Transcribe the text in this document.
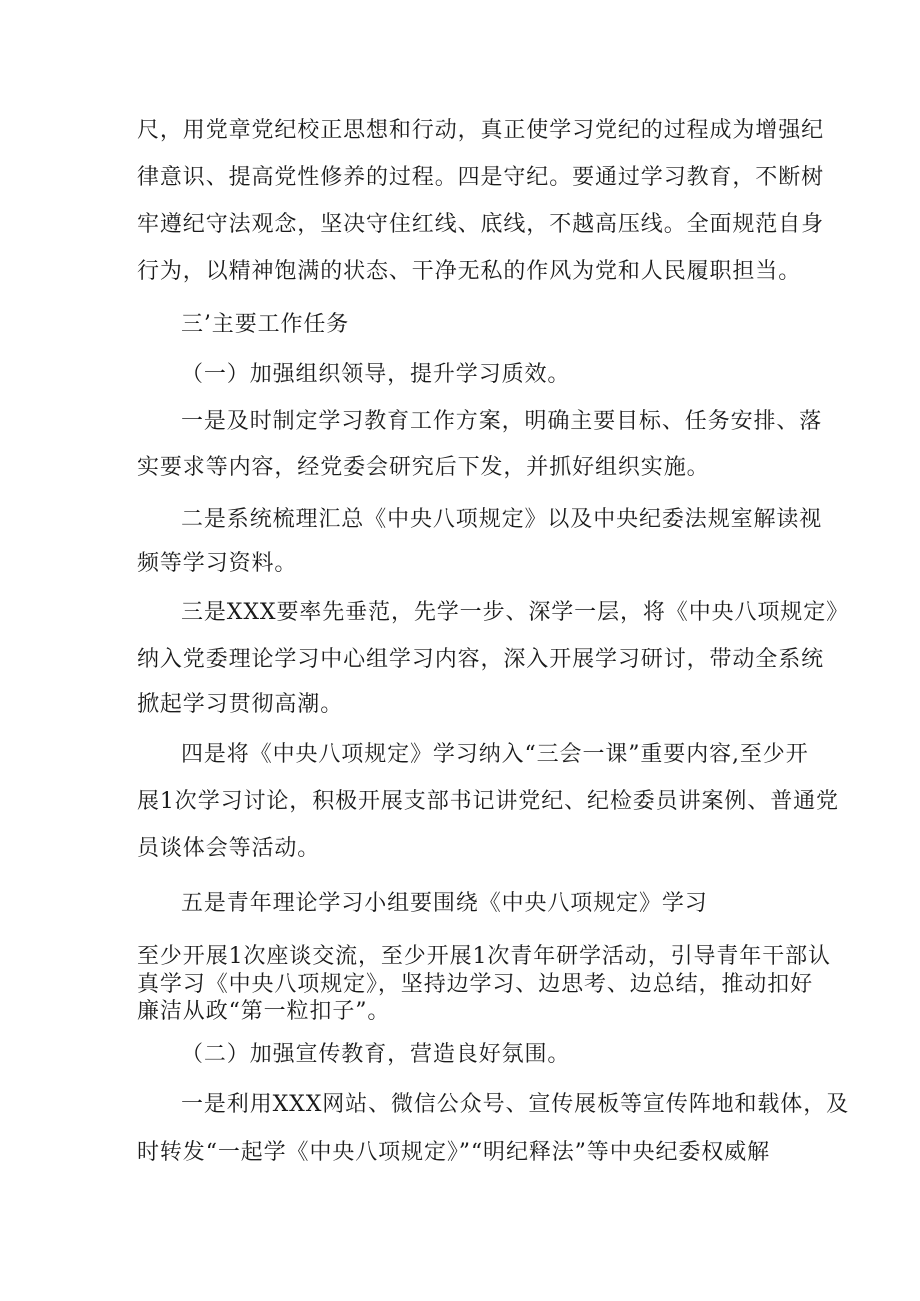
尺，用党章党纪校正思想和行动，真正使学习党纪的过程成为增强纪
律意识、提高党性修养的过程。四是守纪。要通过学习教育，不断树
牢遵纪守法观念，坚决守住红线、底线，不越高压线。全面规范自身
行为，以精神饱满的状态、干净无私的作风为党和人民履职担当。
三’主要工作任务
（一）加强组织领导，提升学习质效。
一是及时制定学习教育工作方案，明确主要目标、任务安排、落
实要求等内容，经党委会研究后下发，并抓好组织实施。
二是系统梳理汇总《中央八项规定》以及中央纪委法规室解读视
频等学习资料。
三是XXX要率先垂范，先学一步、深学一层，将《中央八项规定》
纳入党委理论学习中心组学习内容，深入开展学习研讨，带动全系统
掀起学习贯彻高潮。
四是将《中央八项规定》学习纳入“三会一课”重要内容,至少开
展1次学习讨论，积极开展支部书记讲党纪、纪检委员讲案例、普通党
员谈体会等活动。
五是青年理论学习小组要围绕《中央八项规定》学习
至少开展1次座谈交流，至少开展1次青年研学活动，引导青年干部认
真学习《中央八项规定》，坚持边学习、边思考、边总结，推动扣好
廉洁从政“第一粒扣子”。
（二）加强宣传教育，营造良好氛围。
一是利用XXX网站、微信公众号、宣传展板等宣传阵地和载体，及
时转发“一起学《中央八项规定》”“明纪释法”等中央纪委权威解
